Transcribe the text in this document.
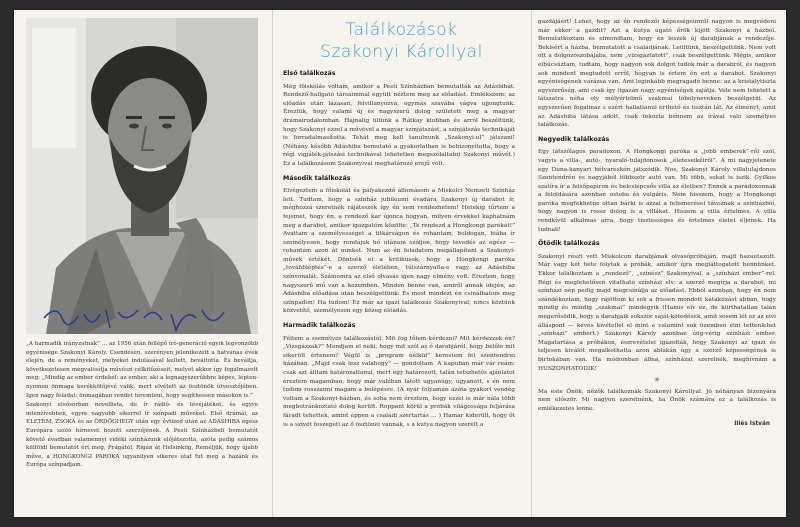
„A harmadik irányzatnak” ... az 1956 után fellépő író-generáció egyik legvonzóbb egyénisége Szakonyi Károly. Csendesen, szerényen jelentkezett a hatvanas évek elején, de a reményeket, melyeket indulásával keltett, beváltotta. És beváltja, következetesen megvalósítja művészi célkitűzéseit, melyet akkor így fogalmazott meg: „Mindig az ember érdekel: az ember, aki a legnagyszerűbbre képes, lépten-nyomon önmaga kerékkötőjévé válik, mert elvétett az ösztönök útvesztőjében. Igen nagy feladat: önmagában rendet teremteni, hogy segíthessen másokon is.”

Szakonyi elsősorban novellista, de ír rádió- és tévéjátékot, és egyre intenzívebben, egyre nagyobb sikerrel ír színpadi műveket. Első drámái, az ELETEM, ZSOKA és az ÖRDÖGHEGY után egy évtized után az ADÁSHIBA egész Európára szóló hírnevet hozott szerzőjének. A Pesti Színházbeli bemutatót követő évadban valamennyi vidéki színházunk előjátszotta, azóta pedig számos külföldi bemutatót ért meg, Prágától, Rigán át Helsinkiig, Reméljük, hogy újabb műve, a HONGKONGI PAROKA ugyanilyen sikeres utat fut meg a hazánk és Európa színpadjain.

Találkozások
Szakonyi Károllyal
Első találkozás
Még főiskolás voltam, amikor a Pesti Színházban bemutatták az Adáshibát. Rendező-hallgató társaimmal együtt néztem meg az előadást. Emlékszem: az előadás után lázasan, felvillanyozva, egymás szavába vágva ujjongtunk. Éreztük, hogy valami új és nagyszerű dolog született meg a magyar drámairodalomban. Hajnalig ültünk a Rátkay klubban és arról beszéltünk, hogy Szakonyi ezzel a művével a magyar színjátszást, a színjátszás technikáját is forradalmasította. Tehát meg kell tanulnunk „Szakonyi-ul” játszani! (Néhány később Adáshiba bemutató a gyakorlatban is bebizonyította, hogy a régi vígjáték-játszási technikával lehetetlen megszólaltatni Szakonyi művét.) Ez a találkozásom Szakonyival meghatározó erejű volt.
Második találkozás
Elvégeztem a főiskolát és pályakezdő állomásom a Miskolci Nemzeti Színház lett. Tudtam, hogy a színház jubileumi évadára Szakonyi új darabot ír, méghozzá szeretnék rájátsszék így én sem rendezhetem! Hetekig tűrtem a fejemet, hogy én, a rendező kar újonca hogyan, milyen érvekkel kaphatnám meg a darabot, amikor igazgatóm közölte: „Te rendezd a Hongkongi parókát!” Avattam a személyességet a titkárságon és rohantam, boldogan, hiába ír személyesen, hogy rondájuk hó utánam szóljon, hogy tévedés az egész — rohantam azon át minket. Nem az én feladatom megállapítani a Szakonyi-művek értékét. Döntsék el a kritikusok, hogy a Hongkongi paróka „továbbléptés”-e a szerző életében, túlszárnyalta-e vagy az Adáshiba színvonalát. Számomra az első olvasás igen nagy élmény volt. Éreztem, hogy nagyszerű mű van a kezemben. Minden benne van, amiről annak idején, az Adáshiba előadása után beszélgettünk. És most mindezt én csinálhatom meg színpadon! Ha tudom! Ez már az igazi találkozás Szakonyival; nincs köztünk közvetítő, személyesen egy közeg előadás.
Harmadik találkozás
Féltem a személyes találkozástól. Mit fog tőlem kérdezni? Mit kérdezzek én? „Vizsgázzak?” Mondjam el neki, hogy mit szól az ő darabjáról, hogy belőle mit sikerült értenem? Végül is „program nélkül” kerestem fel szentendrei házában. „Majd csak lesz valahogy” — gondoltam. A kapuban már vár reám: csak azt álltam határozatlanul, mert egy határozott, talán tetszhetős ajánlatot éreztem magamban, hogy már valóban látott ugyanúgy, ugyanott, s én nem tudom rosszanni magam a belépésre. (A nyár folyamán azóta gyakori vendég voltam a Szakonyi-házban, és soha nem éreztem, hogy ezzel is már nála több megbotránkoztató dolog került. Roppant körül a próbák világossága feljárása fáradt tehettek, amint éppen a családi szertartás ... ) Hamar kiderült, hogy őt is a szívét feszegeti az ő ösztönei vannak, s a kutya nagyon szerelt a
gazdájáért! Lehet, hogy az én rendezői képességeimről nagyon is megvédeni már ekkor a gazdit? Azt a kutya ugató őrök kijött Szakonyi a házból. Bemutatkoztam és elmondtam, hogy én leszek új darabjának a rendezője. Bekísért a házba, bemutatott a családjának. Leültünk, beszélgettünk. Nem volt ott a dolgozószobájába, nem „vizsgáztatott”, csak beszélgettünk. Mégis, amikor elbúcsúztam, tudtam, hogy nagyon sok dolgot tudok már a darabról, és nagyon sok mindent megtudott erről, hogyan is értem én ezt a darabot. Szakonyi egyéniségének varázsa van. Ami leginkább megragadó benne: az a kristálytiszta egyszerűség, ami csak így (igazán nagy egyéniségek sajátja. Vele nem lehetett a látszatra néha oly mélyértelmű szakmai tóbolyneveken beszélgetni. Az egyszerűen fogalmaz s ezért hallatlanul érthető és tisztán lát. Az élményt, amit az Adáshiba látása adott, csak fokozta bennem az írával való személyes találkozás.
Negyedik találkozás
Egy látszólagos paradoxon. A Hongkongi paróka a „jobb emberek”-ről szól, vagyis a villa-, autó-, nyaraló-tulajdonosok „életeseikéiről”. A mi nagyjelenete egy Duna-kanyari hétvareskón játszódik. Nos, Szakonyi Károly villatulajdonos Szentendrén és nagyjából többször autó van. Mi több, sokat is iszik. Gyilkos szatíra ír a felsőpapiron és belcslépcsős villa az életben? Ennek a paradoxonnak a feloldására azonban ostoba és vulgáris. Nem hisszem, hogy a Hongkongi paróka megfekhetne ottan bárki is azzal a felismerésel távoznak a színházból, hogy nagyon is rossz dolog is a villákat. Hiszem a villa értelmes. A villa rendkívül alkalmas arra, hogy tisztességes és értelmes életet éljenek. Ha tudnak!
Ötödik találkozás
Szakonyi részt vett Miskolcon darabjának olvasópróbáján, majd hazautazott. Már vagy két hete folytak a próbák, amikor újra megláttogatott bennünket. Ekkor találkoztam a „rendező”, „színész” Szakonyival, a „színházi ember”-rel. Régi és meglehetősen vitatható színházi elv: a szerző megírja a darabot, mi színházi nép pedig majd megcsinálja az előadást. Ebből azonban, hogy én nem szándékoztam, hogy rájöttem ki sok a frissen mondott katakiizást abban, hogy mindig és mindig „szakmai” mindegyik (Hamis elv ez, de kiirthatatlan talán megerősödik, hogy a darabjaik sokszor saját-kötedések, amit sosem lét ez az elvi álláspont — kevés kivétellel el mint a valamint sok üzemben élni tettenlehet „színházi” embert.) Szakonyi Károly azonban ízig-vérig színházi ember. Magatartása a próbákon, észrevételei igazolták, hogy Szakonyi az igazi és teljesen kiválót megalkothatta azon ablakán úgy a szerző képességének is birtokában van. Ha módomban állna, színházat szerelnék, meghívnám a HUSZONHATODIK!
✳
Ma este Önök, nézők találkoznak Szakonyi Károllyal. Jó néhányan bizonyára nem először. Mi nagyon szeretnénk, ha Önök számára ez a találkozás is emlékezetes lenne.
Illés István
